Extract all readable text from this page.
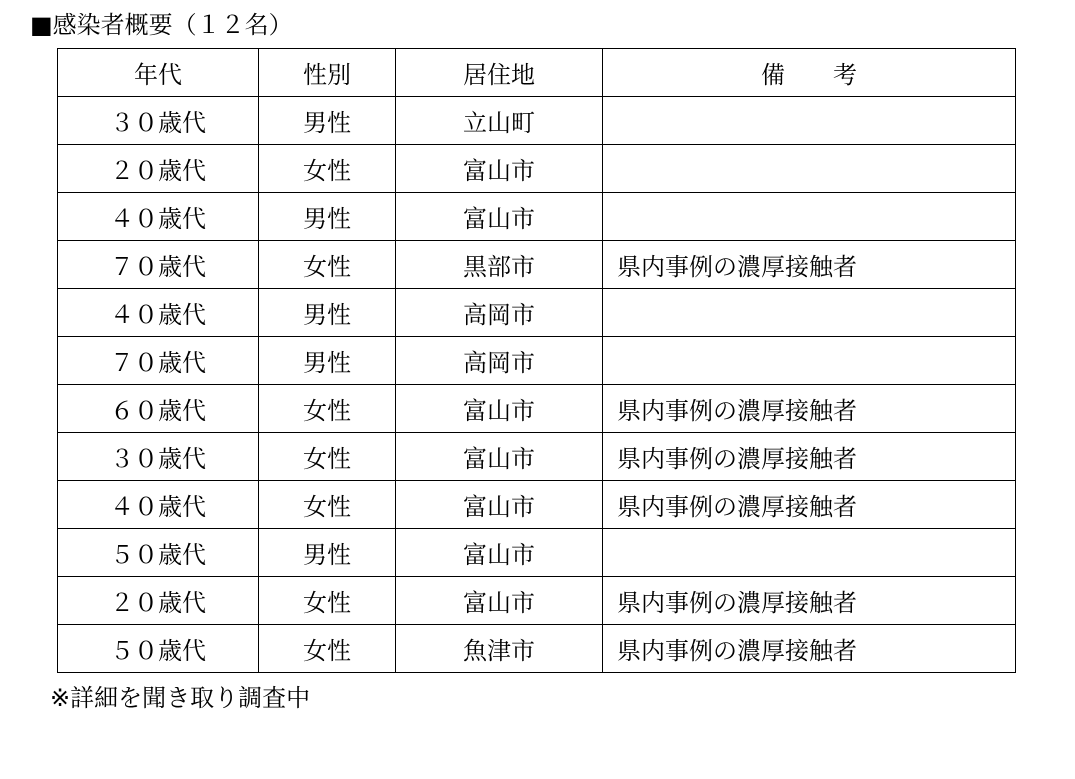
■感染者概要（１２名）
年代	性別	居住地	備　　考
３０歳代	男性	立山町	
２０歳代	女性	富山市	
４０歳代	男性	富山市	
７０歳代	女性	黒部市	県内事例の濃厚接触者
４０歳代	男性	高岡市	
７０歳代	男性	高岡市	
６０歳代	女性	富山市	県内事例の濃厚接触者
３０歳代	女性	富山市	県内事例の濃厚接触者
４０歳代	女性	富山市	県内事例の濃厚接触者
５０歳代	男性	富山市	
２０歳代	女性	富山市	県内事例の濃厚接触者
５０歳代	女性	魚津市	県内事例の濃厚接触者
※詳細を聞き取り調査中
